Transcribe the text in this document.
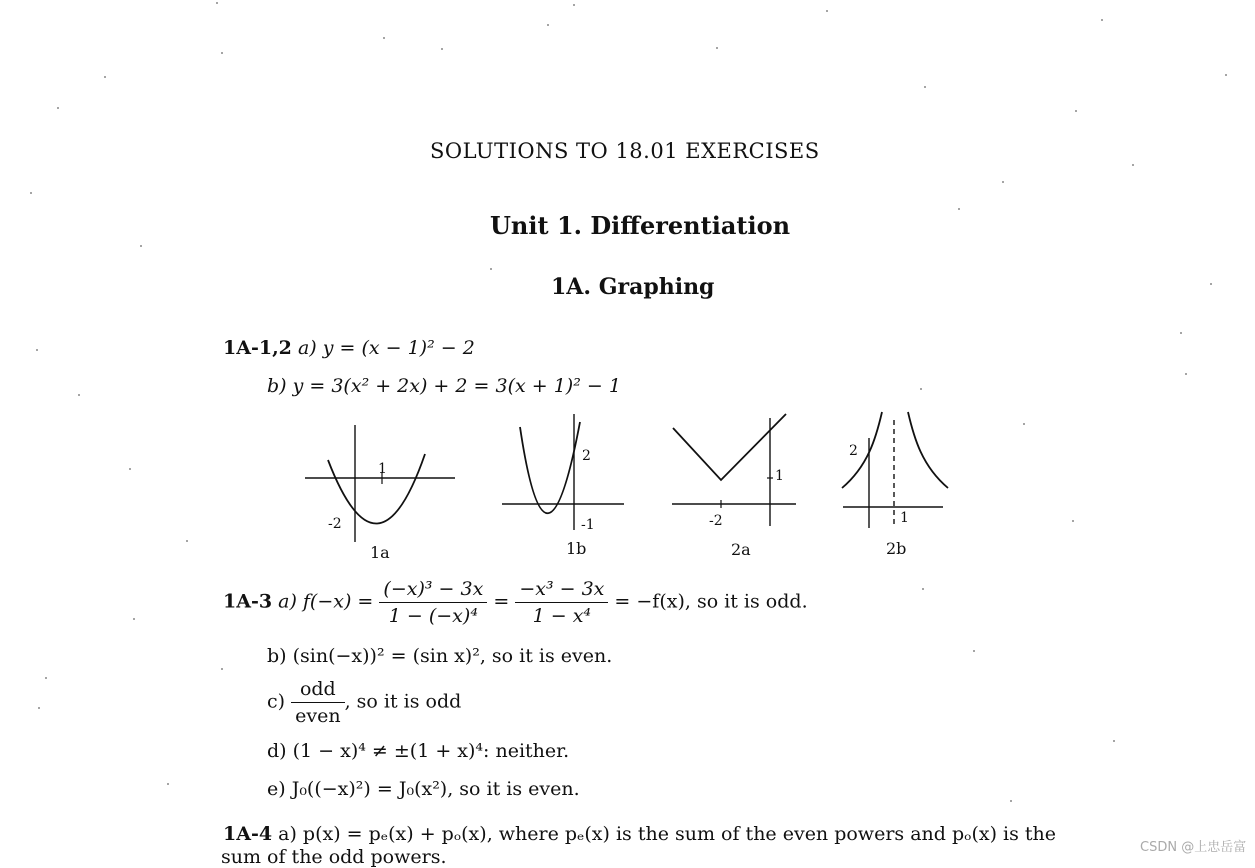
SOLUTIONS TO 18.01 EXERCISES
Unit 1. Differentiation
1A. Graphing
1A-1,2 a) y = (x − 1)² − 2
b) y = 3(x² + 2x) + 2 = 3(x + 1)² − 1
1
-2
1a
2
-1
1b
1
-2
2a
2
1
2b
1A-3 a) $f(-x) = \frac{\text{(−x)³ − 3x}}{\text{1 − (−x)⁴}} = \frac{\text{−x³ − 3x}}{\text{1 − x⁴}} = -f(x)$, so it is odd.
b) (sin(−x))² = (sin x)², so it is even.
$c) \frac{\text{odd}}{\text{even}}$ , so it is odd
d) (1 − x)⁴ ≠ ±(1 + x)⁴: neither.
e) J₀((−x)²) = J₀(x²), so it is even.
1A-4 a) p(x) = pₑ(x) + pₒ(x), where pₑ(x) is the sum of the even powers and pₒ(x) is the
sum of the odd powers.	CSDN @上忠岳富
